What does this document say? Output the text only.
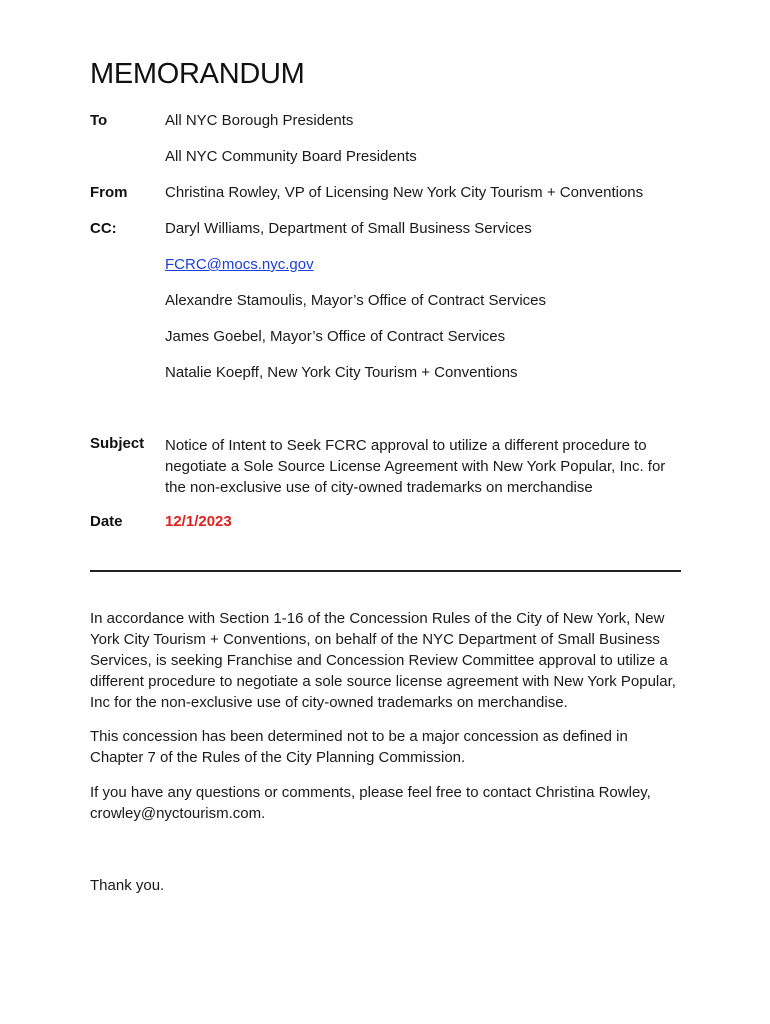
MEMORANDUM
To	All NYC Borough Presidents
All NYC Community Board Presidents
From	Christina Rowley, VP of Licensing New York City Tourism + Conventions
CC:	Daryl Williams, Department of Small Business Services
FCRC@mocs.nyc.gov
Alexandre Stamoulis, Mayor’s Office of Contract Services
James Goebel, Mayor’s Office of Contract Services
Natalie Koepff, New York City Tourism + Conventions
Subject Notice of Intent to Seek FCRC approval to utilize a different procedure to negotiate a Sole Source License Agreement with New York Popular, Inc. for the non-exclusive use of city-owned trademarks on merchandise
Date	12/1/2023
In accordance with Section 1-16 of the Concession Rules of the City of New York, New York City Tourism + Conventions, on behalf of the NYC Department of Small Business Services, is seeking Franchise and Concession Review Committee approval to utilize a different procedure to negotiate a sole source license agreement with New York Popular, Inc for the non-exclusive use of city-owned trademarks on merchandise.
This concession has been determined not to be a major concession as defined in Chapter 7 of the Rules of the City Planning Commission.
If you have any questions or comments, please feel free to contact Christina Rowley, crowley@nyctourism.com.
Thank you.
